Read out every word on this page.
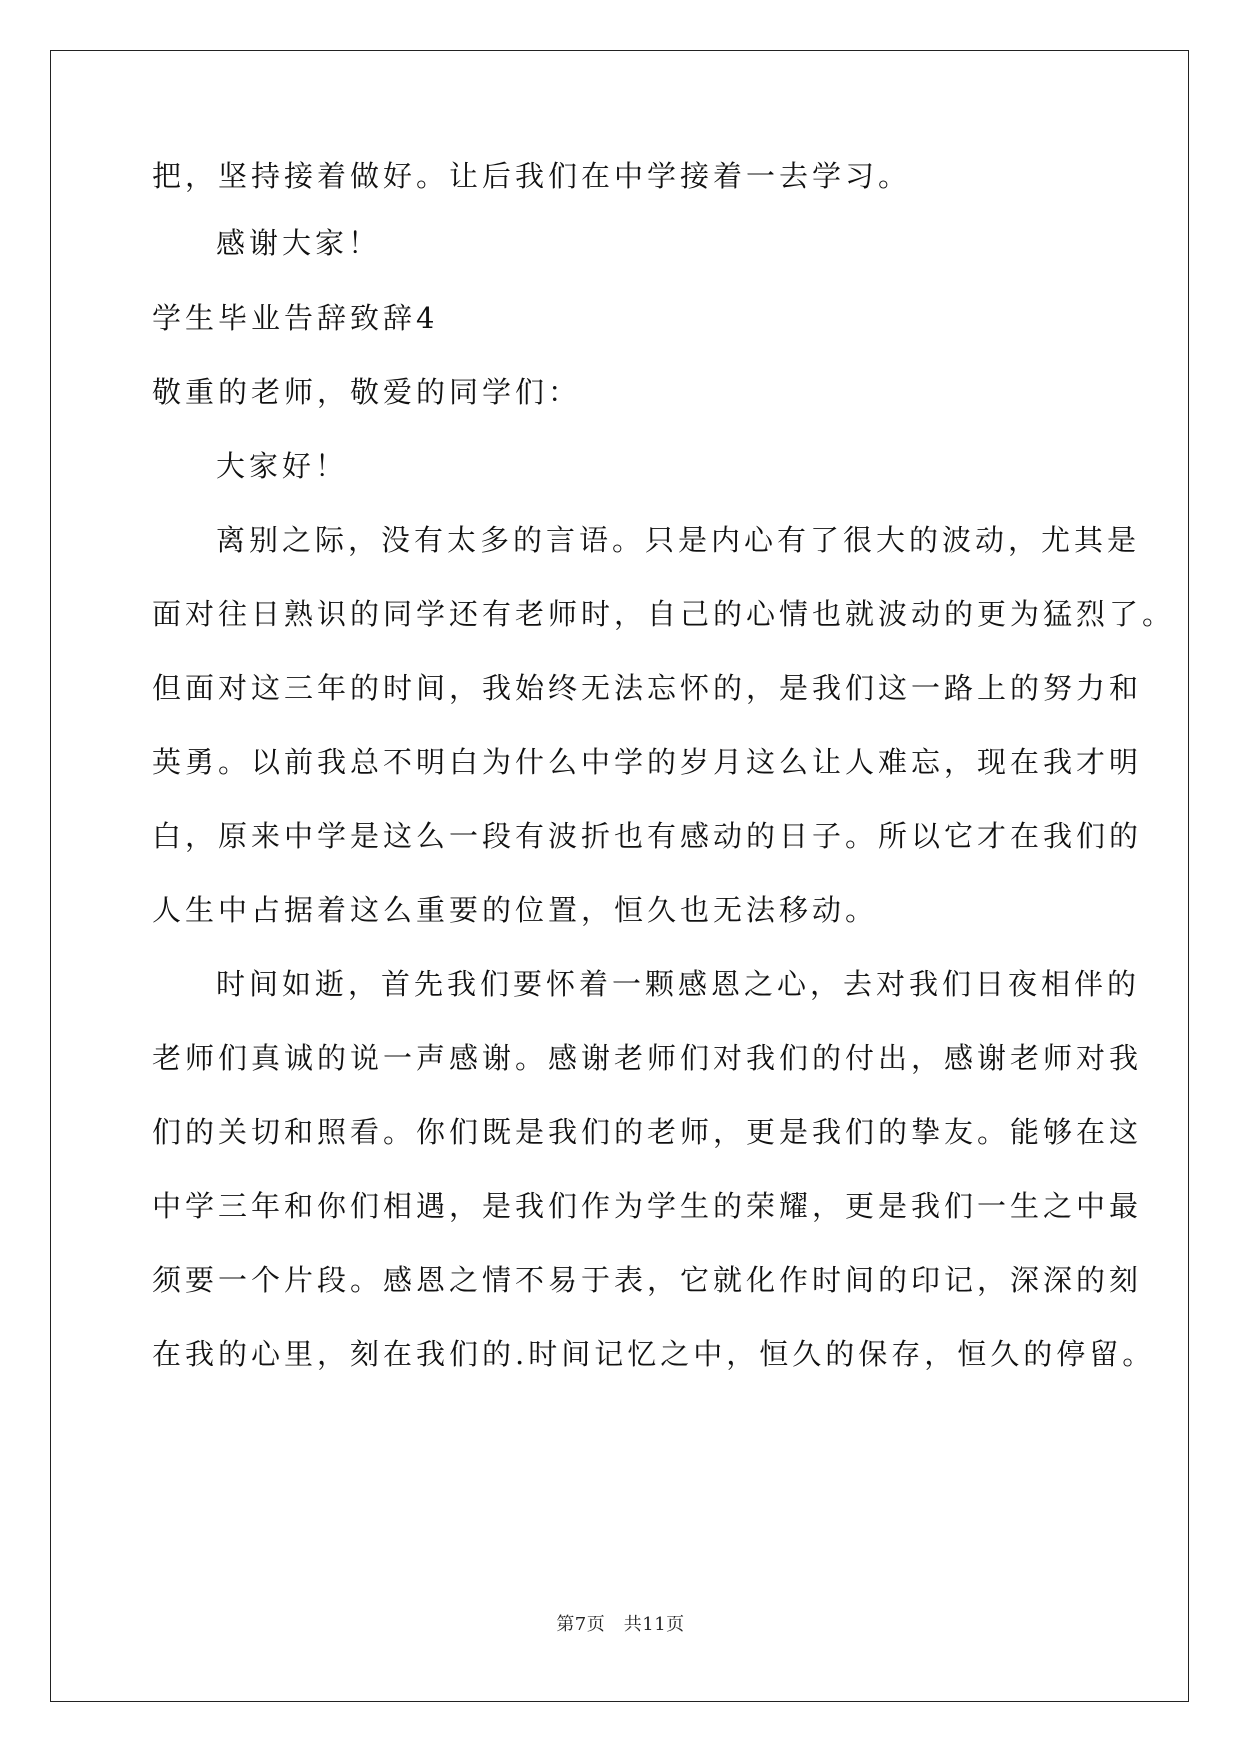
把，坚持接着做好。让后我们在中学接着一去学习。
感谢大家！
学生毕业告辞致辞4
敬重的老师，敬爱的同学们：
大家好！
离别之际，没有太多的言语。只是内心有了很大的波动，尤其是
面对往日熟识的同学还有老师时，自己的心情也就波动的更为猛烈了。
但面对这三年的时间，我始终无法忘怀的，是我们这一路上的努力和
英勇。以前我总不明白为什么中学的岁月这么让人难忘，现在我才明
白，原来中学是这么一段有波折也有感动的日子。所以它才在我们的
人生中占据着这么重要的位置，恒久也无法移动。
时间如逝，首先我们要怀着一颗感恩之心，去对我们日夜相伴的
老师们真诚的说一声感谢。感谢老师们对我们的付出，感谢老师对我
们的关切和照看。你们既是我们的老师，更是我们的挚友。能够在这
中学三年和你们相遇，是我们作为学生的荣耀，更是我们一生之中最
须要一个片段。感恩之情不易于表，它就化作时间的印记，深深的刻
在我的心里，刻在我们的.时间记忆之中，恒久的保存，恒久的停留。
第7页　共11页
